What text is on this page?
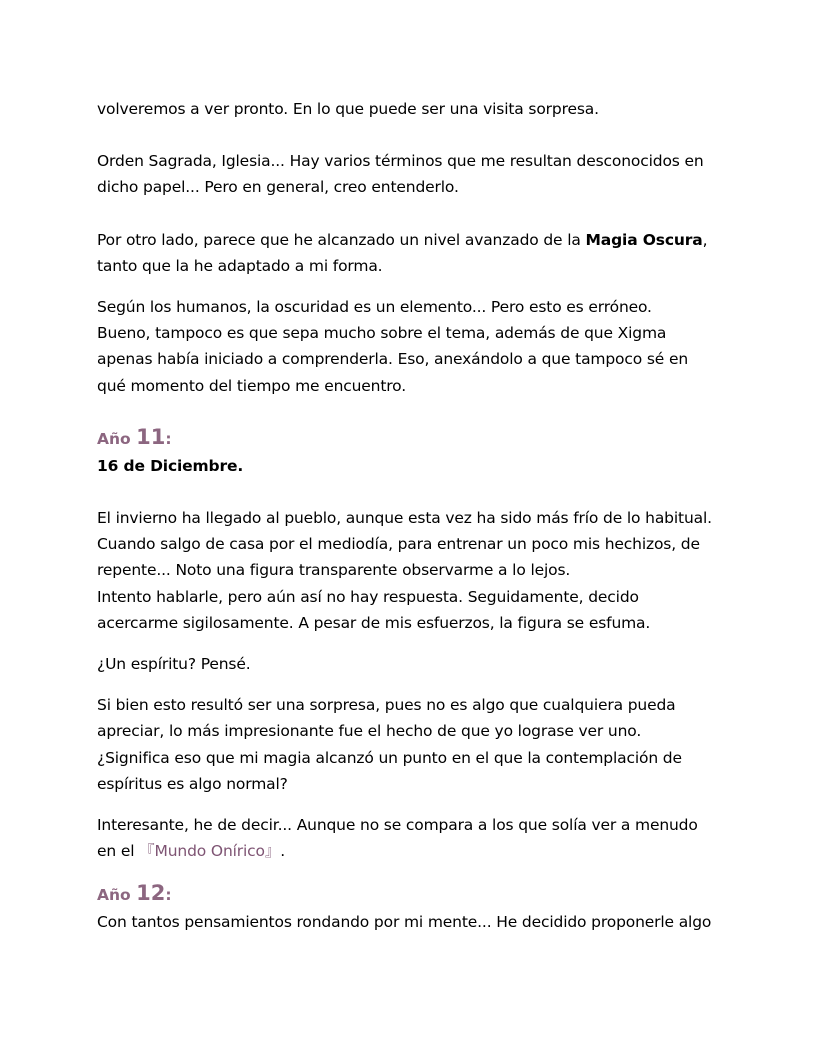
volveremos a ver pronto. En lo que puede ser una visita sorpresa.

Orden Sagrada, Iglesia... Hay varios términos que me resultan desconocidos en dicho papel... Pero en general, creo entenderlo.

Por otro lado, parece que he alcanzado un nivel avanzado de la Magia Oscura, tanto que la he adaptado a mi forma.

Según los humanos, la oscuridad es un elemento... Pero esto es erróneo.

Bueno, tampoco es que sepa mucho sobre el tema, además de que Xigma apenas había iniciado a comprenderla. Eso, anexándolo a que tampoco sé en qué momento del tiempo me encuentro.

Año 11:

16 de Diciembre.

El invierno ha llegado al pueblo, aunque esta vez ha sido más frío de lo habitual. Cuando salgo de casa por el mediodía, para entrenar un poco mis hechizos, de repente... Noto una figura transparente observarme a lo lejos.

Intento hablarle, pero aún así no hay respuesta. Seguidamente, decido acercarme sigilosamente. A pesar de mis esfuerzos, la figura se esfuma.

¿Un espíritu? Pensé.

Si bien esto resultó ser una sorpresa, pues no es algo que cualquiera pueda apreciar, lo más impresionante fue el hecho de que yo lograse ver uno.

¿Significa eso que mi magia alcanzó un punto en el que la contemplación de espíritus es algo normal?

Interesante, he de decir... Aunque no se compara a los que solía ver a menudo en el 『Mundo Onírico』.

Año 12:

Con tantos pensamientos rondando por mi mente... He decidido proponerle algo
